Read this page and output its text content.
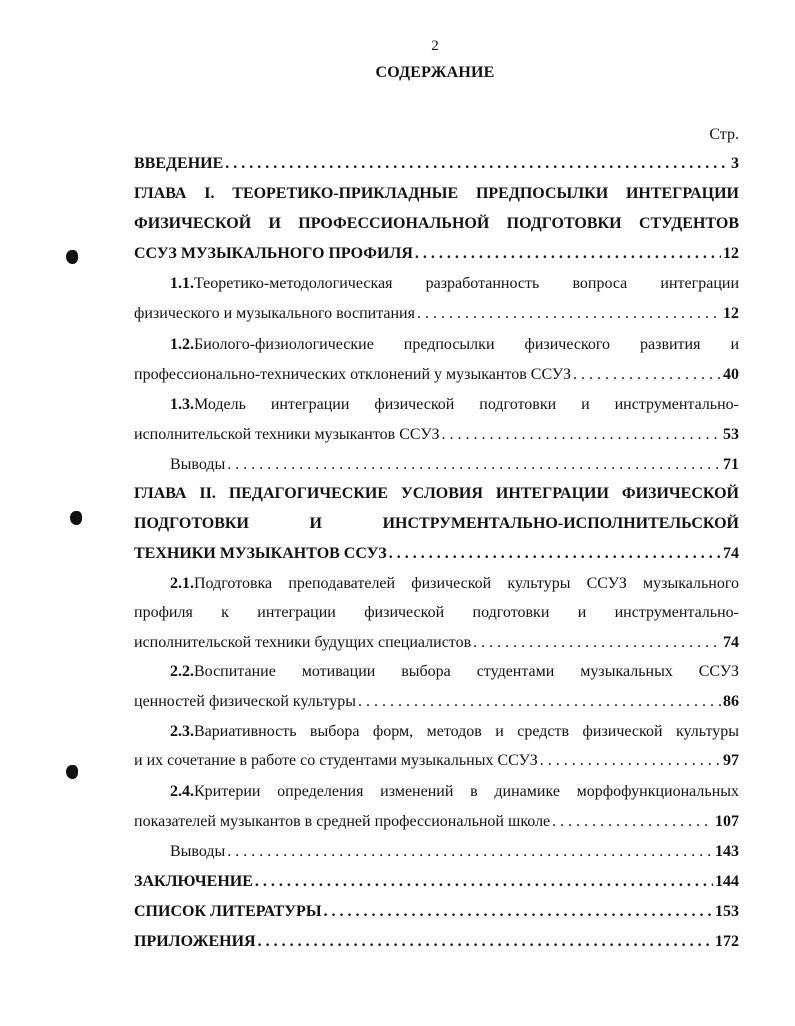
2
СОДЕРЖАНИЕ
Стр.
ВВЕДЕНИЕ . . .	3
ГЛАВА I. ТЕОРЕТИКО-ПРИКЛАДНЫЕ ПРЕДПОСЫЛКИ ИНТЕГРАЦИИ
ФИЗИЧЕСКОЙ И ПРОФЕССИОНАЛЬНОЙ ПОДГОТОВКИ СТУДЕНТОВ
ССУЗ МУЗЫКАЛЬНОГО ПРОФИЛЯ . . .	12
1.1.Теоретико-методологическая разработанность вопроса интеграции
физического и музыкального воспитания . . .	12
1.2.Биолого-физиологические предпосылки физического развития и
профессионально-технических отклонений у музыкантов ССУЗ . . .	40
1.3.Модель интеграции физической подготовки и инструментально-
исполнительской техники музыкантов ССУЗ . . .	53
Выводы . . .	71
ГЛАВА II. ПЕДАГОГИЧЕСКИЕ УСЛОВИЯ ИНТЕГРАЦИИ ФИЗИЧЕСКОЙ
ПОДГОТОВКИ И ИНСТРУМЕНТАЛЬНО-ИСПОЛНИТЕЛЬСКОЙ
ТЕХНИКИ МУЗЫКАНТОВ ССУЗ . . .	74
2.1.Подготовка преподавателей физической культуры ССУЗ музыкального
профиля к интеграции физической подготовки и инструментально-
исполнительской техники будущих специалистов . . .	74
2.2.Воспитание мотивации выбора студентами музыкальных ССУЗ
ценностей физической культуры . . .	86
2.3.Вариативность выбора форм, методов и средств физической культуры
и их сочетание в работе со студентами музыкальных ССУЗ . . .	97
2.4.Критерии определения изменений в динамике морфофункциональных
показателей музыкантов в средней профессиональной школе . . .	107
Выводы . . .	143
ЗАКЛЮЧЕНИЕ . . .	144
СПИСОК ЛИТЕРАТУРЫ . . .	153
ПРИЛОЖЕНИЯ . . .	172
